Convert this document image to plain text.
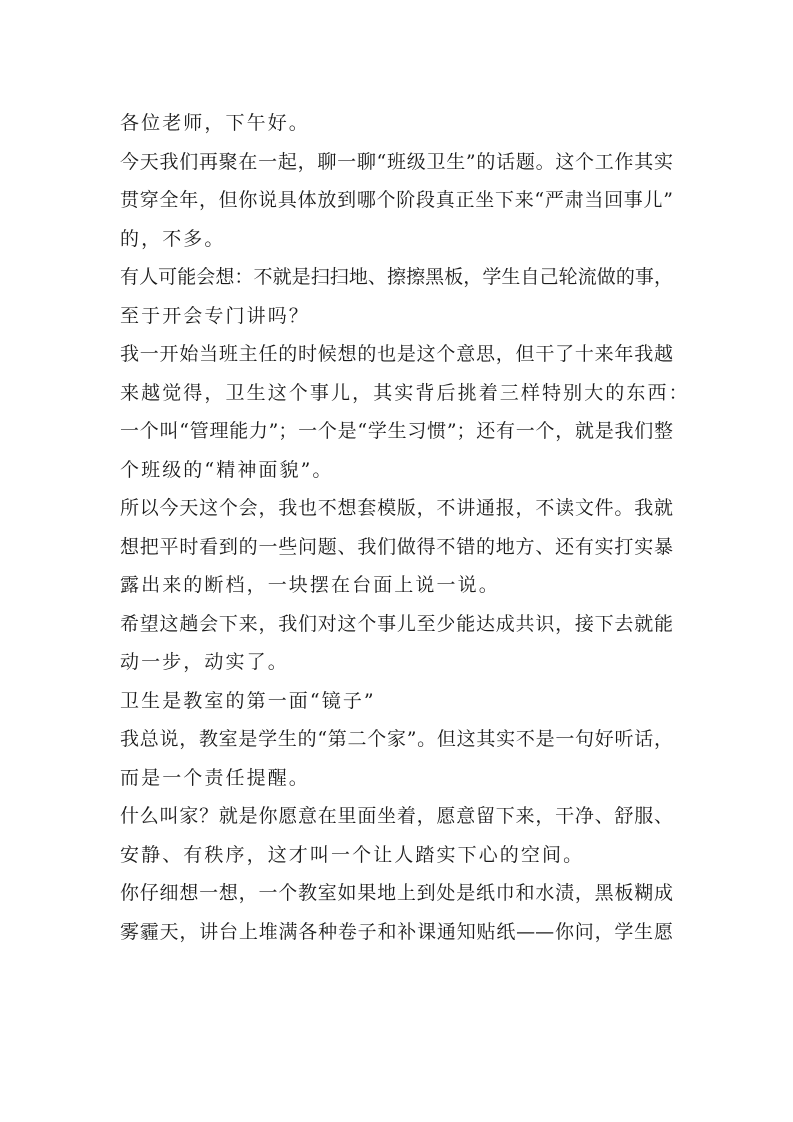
各位老师，下午好。
今天我们再聚在一起，聊一聊“班级卫生”的话题。这个工作其实
贯穿全年，但你说具体放到哪个阶段真正坐下来“严肃当回事儿”
的，不多。
有人可能会想：不就是扫扫地、擦擦黑板，学生自己轮流做的事，
至于开会专门讲吗？
我一开始当班主任的时候想的也是这个意思，但干了十来年我越
来越觉得，卫生这个事儿，其实背后挑着三样特别大的东西：
一个叫“管理能力”；一个是“学生习惯”；还有一个，就是我们整
个班级的“精神面貌”。
所以今天这个会，我也不想套模版，不讲通报，不读文件。我就
想把平时看到的一些问题、我们做得不错的地方、还有实打实暴
露出来的断档，一块摆在台面上说一说。
希望这趟会下来，我们对这个事儿至少能达成共识，接下去就能
动一步，动实了。
卫生是教室的第一面“镜子”
我总说，教室是学生的“第二个家”。但这其实不是一句好听话，
而是一个责任提醒。
什么叫家？就是你愿意在里面坐着，愿意留下来，干净、舒服、
安静、有秩序，这才叫一个让人踏实下心的空间。
你仔细想一想，一个教室如果地上到处是纸巾和水渍，黑板糊成
雾霾天，讲台上堆满各种卷子和补课通知贴纸——你问，学生愿
